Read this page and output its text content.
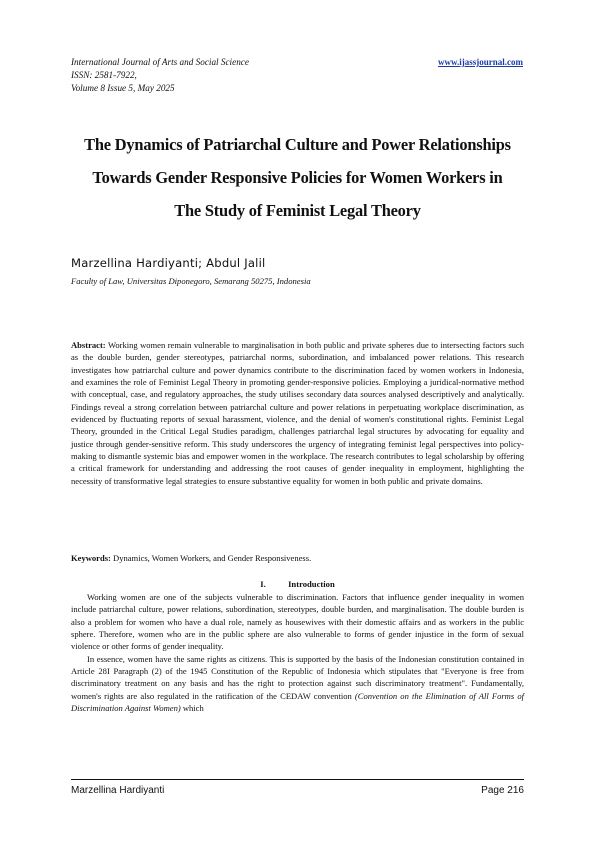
International Journal of Arts and Social Science
ISSN: 2581-7922,
Volume 8 Issue 5, May 2025
www.ijassjournal.com
The Dynamics of Patriarchal Culture and Power Relationships
Towards Gender Responsive Policies for Women Workers in
The Study of Feminist Legal Theory
Marzellina Hardiyanti; Abdul Jalil
Faculty of Law, Universitas Diponegoro, Semarang 50275, Indonesia
Abstract: Working women remain vulnerable to marginalisation in both public and private spheres due to intersecting factors such as the double burden, gender stereotypes, patriarchal norms, subordination, and imbalanced power relations. This research investigates how patriarchal culture and power dynamics contribute to the discrimination faced by women workers in Indonesia, and examines the role of Feminist Legal Theory in promoting gender-responsive policies. Employing a juridical-normative method with conceptual, case, and regulatory approaches, the study utilises secondary data sources analysed descriptively and analytically. Findings reveal a strong correlation between patriarchal culture and power relations in perpetuating workplace discrimination, as evidenced by fluctuating reports of sexual harassment, violence, and the denial of women's constitutional rights. Feminist Legal Theory, grounded in the Critical Legal Studies paradigm, challenges patriarchal legal structures by advocating for equality and justice through gender-sensitive reform. This study underscores the urgency of integrating feminist legal perspectives into policy-making to dismantle systemic bias and empower women in the workplace. The research contributes to legal scholarship by offering a critical framework for understanding and addressing the root causes of gender inequality in employment, highlighting the necessity of transformative legal strategies to ensure substantive equality for women in both public and private domains.
Keywords: Dynamics, Women Workers, and Gender Responsiveness.
I.	Introduction

Working women are one of the subjects vulnerable to discrimination. Factors that influence gender inequality in women include patriarchal culture, power relations, subordination, stereotypes, double burden, and marginalisation. The double burden is also a problem for women who have a dual role, namely as housewives with their domestic affairs and as workers in the public sphere. Therefore, women who are in the public sphere are also vulnerable to forms of gender injustice in the form of sexual violence or other forms of gender inequality.

In essence, women have the same rights as citizens. This is supported by the basis of the Indonesian constitution contained in Article 28I Paragraph (2) of the 1945 Constitution of the Republic of Indonesia which stipulates that "Everyone is free from discriminatory treatment on any basis and has the right to protection against such discriminatory treatment". Fundamentally, women's rights are also regulated in the ratification of the CEDAW convention (Convention on the Elimination of All Forms of Discrimination Against Women) which

Marzellina Hardiyanti	Page 216
